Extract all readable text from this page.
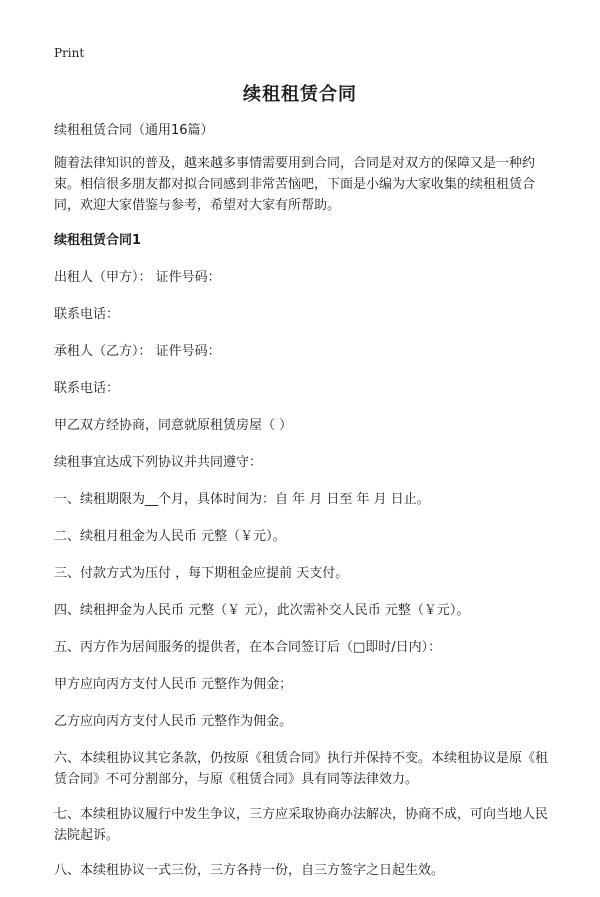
Print
续租租赁合同

续租租赁合同（通用16篇）

随着法律知识的普及，越来越多事情需要用到合同，合同是对双方的保障又是一种约束。相信很多朋友都对拟合同感到非常苦恼吧，下面是小编为大家收集的续租租赁合同，欢迎大家借鉴与参考，希望对大家有所帮助。

续租租赁合同1

出租人（甲方）： 证件号码：

联系电话：

承租人（乙方）： 证件号码：

联系电话：

甲乙双方经协商，同意就原租赁房屋（ ）

续租事宜达成下列协议并共同遵守：

一、续租期限为__个月，具体时间为：自 年 月 日至 年 月 日止。

二、续租月租金为人民币 元整（￥元）。

三、付款方式为压付 ，每下期租金应提前 天支付。

四、续租押金为人民币 元整（￥ 元），此次需补交人民币 元整（￥元）。

五、丙方作为居间服务的提供者，在本合同签订后（□即时/日内）：

甲方应向丙方支付人民币 元整作为佣金；

乙方应向丙方支付人民币 元整作为佣金。

六、本续租协议其它条款，仍按原《租赁合同》执行并保持不变。本续租协议是原《租赁合同》不可分割部分，与原《租赁合同》具有同等法律效力。

七、本续租协议履行中发生争议，三方应采取协商办法解决，协商不成，可向当地人民法院起诉。

八、本续租协议一式三份，三方各持一份，自三方签字之日起生效。
